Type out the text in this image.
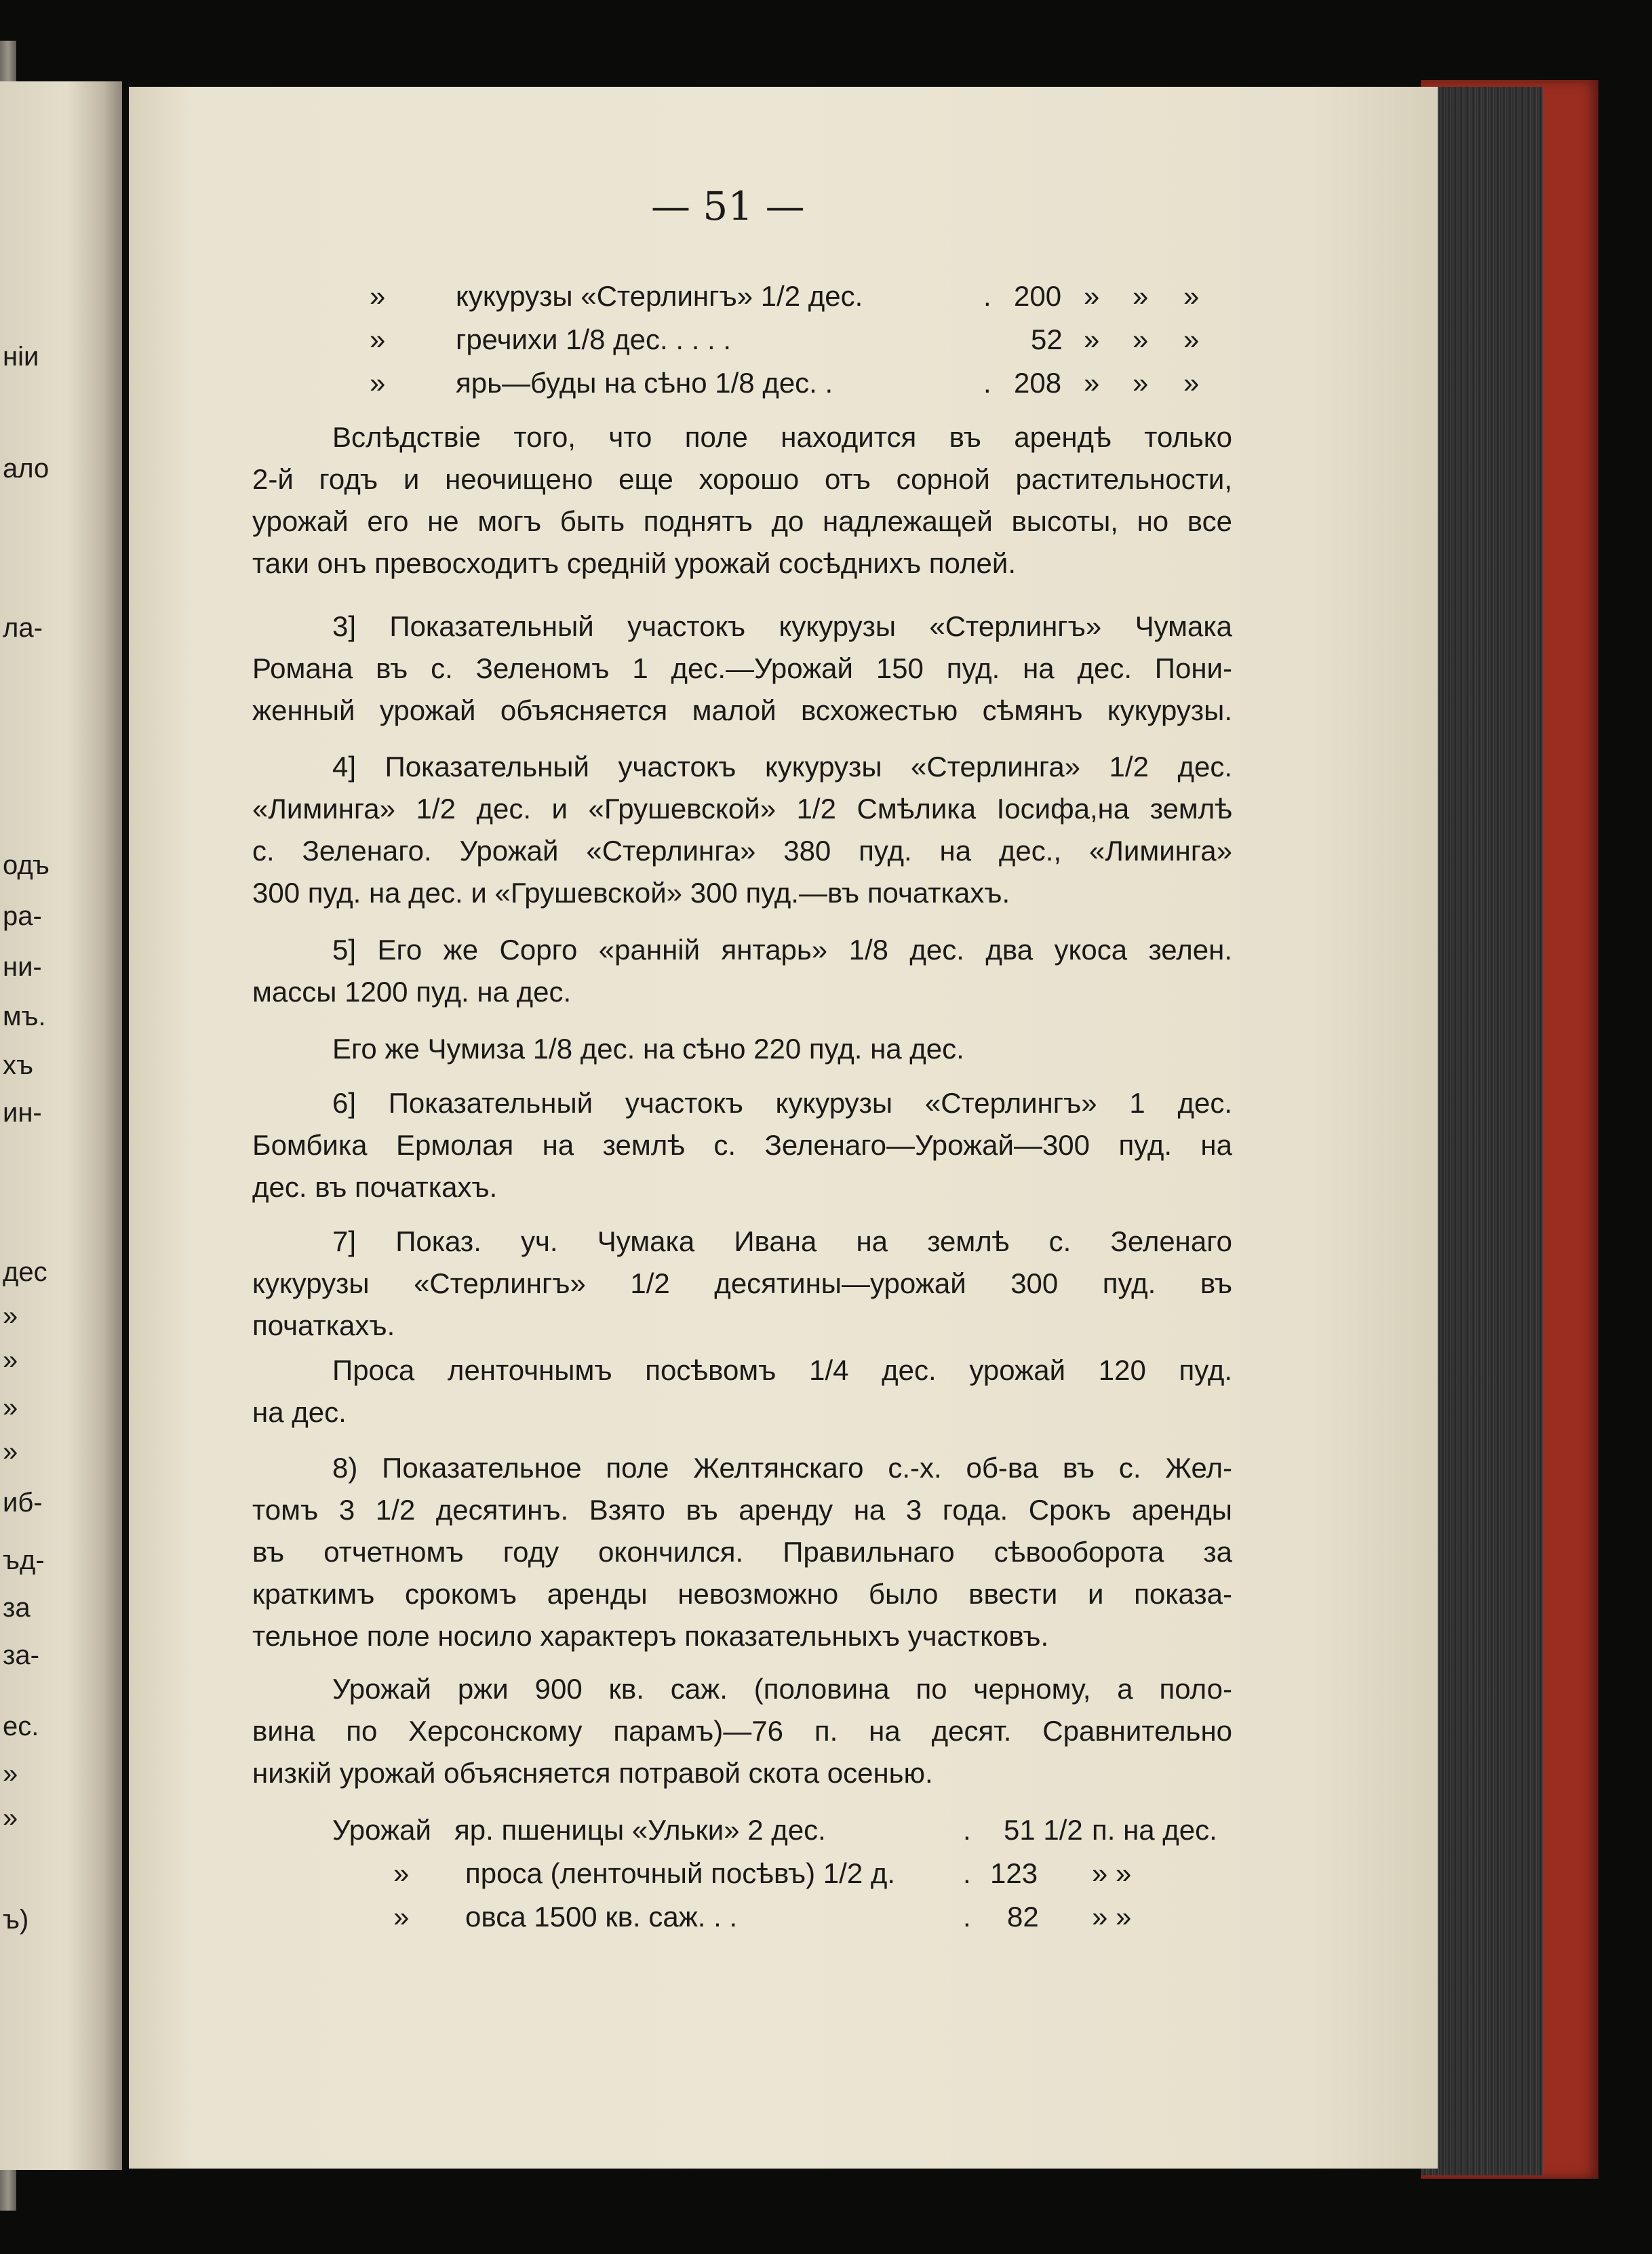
— 51 —
» кукурузы «Стерлингъ» 1/2 дес.	. 200 » » »
» гречихи 1/8 дес. . . . .	52 » » »
» ярь—буды на сѣно 1/8 дес. .	. 208 » » »
Вслѣдствіе того, что поле находится въ арендѣ только
2-й годъ и неочищено еще хорошо отъ сорной растительности,
урожай его не могъ быть поднятъ до надлежащей высоты, но все
таки онъ превосходитъ среднiй урожай сосѣднихъ полей.
3] Показательный участокъ кукурузы «Стерлингъ» Чумака
Романа въ с. Зеленомъ 1 дес.—Урожай 150 пуд. на дес. Пони-
женный урожай объясняется малой всхожестью сѣмянъ кукурузы.
4] Показательный участокъ кукурузы «Стерлинга» 1/2 дес.
«Лиминга» 1/2 дес. и «Грушевской» 1/2 Смѣлика Іосифа,на землѣ
с. Зеленаго. Урожай «Стерлинга» 380 пуд. на дес., «Лиминга»
300 пуд. на дес. и «Грушевской» 300 пуд.—въ початкахъ.
5] Его же Сорго «раннiй янтарь» 1/8 дес. два укоса зелен.
массы 1200 пуд. на дес.
Его же Чумиза 1/8 дес. на сѣно 220 пуд. на дес.
6] Показательный участокъ кукурузы «Стерлингъ» 1 дес.
Бомбика Ермолая на землѣ с. Зеленаго—Урожай—300 пуд. на
дес. въ початкахъ.
7] Показ. уч. Чумака Ивана на землѣ с. Зеленаго
кукурузы «Стерлингъ» 1/2 десятины—урожай 300 пуд. въ
початкахъ.
Проса ленточнымъ посѣвомъ 1/4 дес. урожай 120 пуд.
на дес.
8) Показательное поле Желтянскаго с.-х. об-ва въ с. Жел-
томъ 3 1/2 десятинъ. Взято въ аренду на 3 года. Срокъ аренды
въ отчетномъ году окончился. Правильнаго сѣвооборота за
краткимъ срокомъ аренды невозможно было ввести и показа-
тельное поле носило характеръ показательныхъ участковъ.
Урожай ржи 900 кв. саж. (половина по черному, а поло-
вина по Херсонскому парамъ)—76 п. на десят. Сравнительно
низкiй урожай объясняется потравой скота осенью.
Урожай яр. пшеницы «Ульки» 2 дес.	. 51 1/2 п. на дес.
» проса (ленточный посѣвъ) 1/2 д. . 123 » »
» овса 1500 кв. саж. . .	. 82 » »
нiи
ало
ла-
одъ
ра-
ни-
мъ.
хъ
ин-
дес
»
»
»
»
иб-
ъд-
за
за-
ес.
»
»
ъ)
